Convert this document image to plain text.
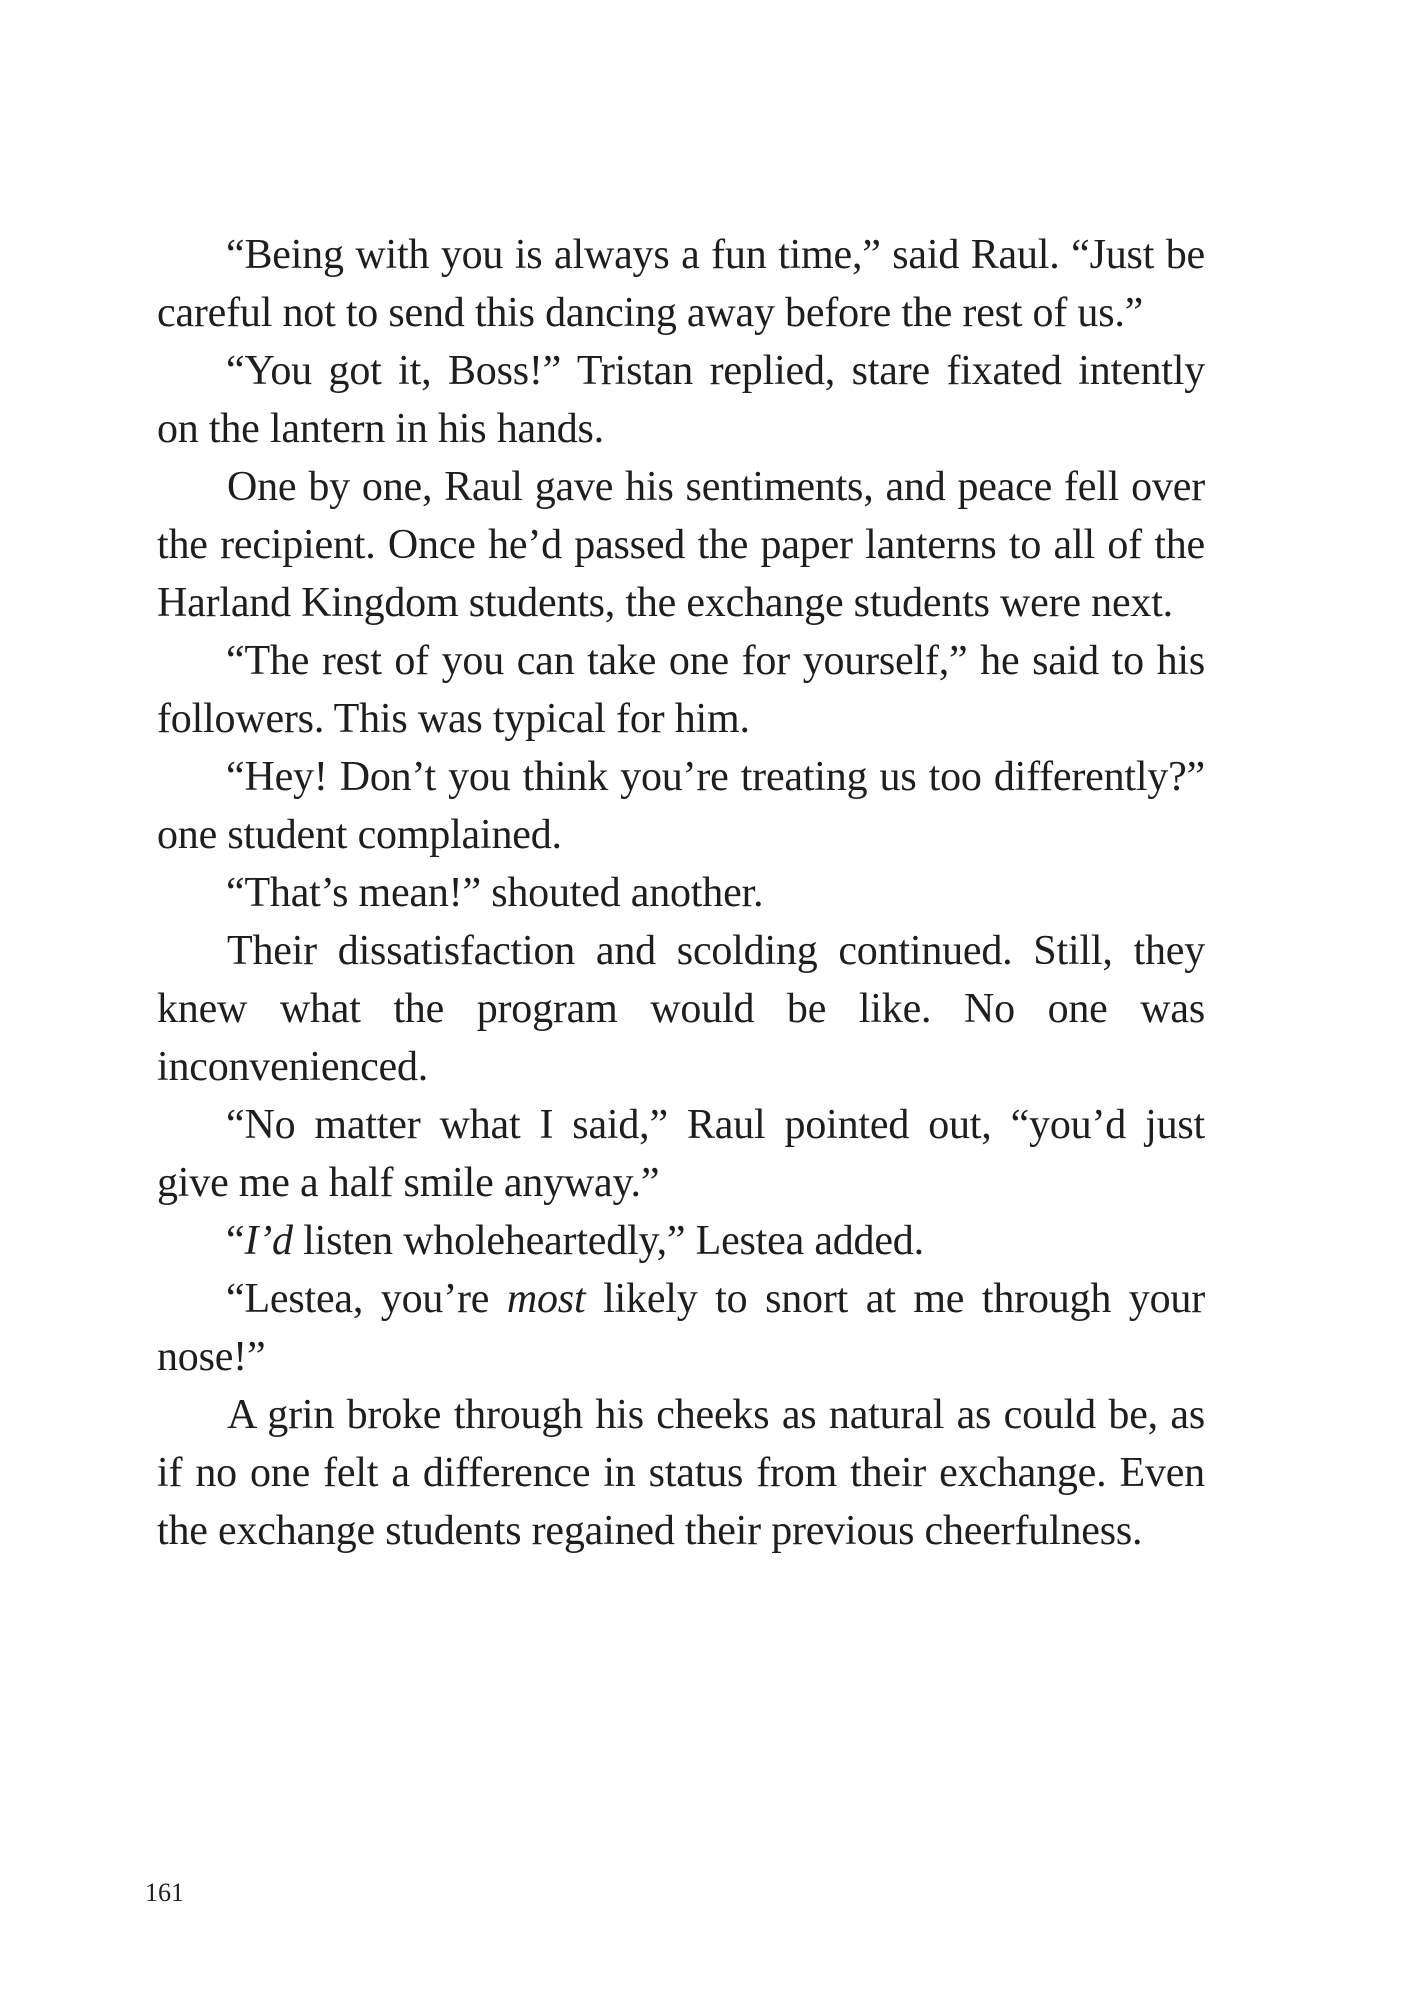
“Being with you is always a fun time,” said Raul. “Just be careful not to send this dancing away before the rest of us.”

“You got it, Boss!” Tristan replied, stare fixated intently on the lantern in his hands.

One by one, Raul gave his sentiments, and peace fell over the recipient. Once he’d passed the paper lanterns to all of the Harland Kingdom students, the exchange students were next.

“The rest of you can take one for yourself,” he said to his followers. This was typical for him.

“Hey! Don’t you think you’re treating us too differently?” one student complained.

“That’s mean!” shouted another.

Their dissatisfaction and scolding continued. Still, they knew what the program would be like. No one was inconvenienced.

“No matter what I said,” Raul pointed out, “you’d just give me a half smile anyway.”

“I’d listen wholeheartedly,” Lestea added.

“Lestea, you’re most likely to snort at me through your nose!”

A grin broke through his cheeks as natural as could be, as if no one felt a difference in status from their exchange. Even the exchange students regained their previous cheerfulness.

161
